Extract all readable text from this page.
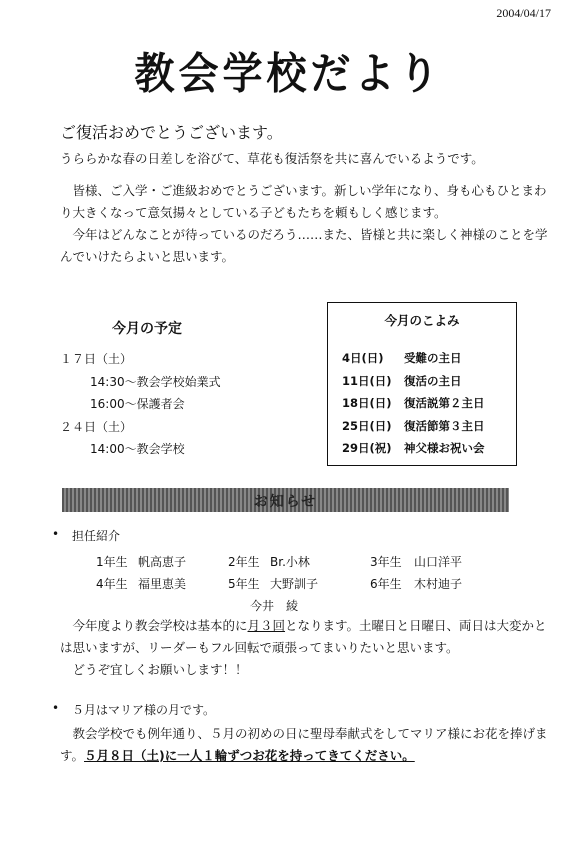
2004/04/17
教会学校だより
ご復活おめでとうございます。
うららかな春の日差しを浴びて、草花も復活祭を共に喜んでいるようです。
皆様、ご入学・ご進級おめでとうございます。新しい学年になり、身も心もひとまわり大きくなって意気揚々としている子どもたちを頼もしく感じます。
今年はどんなことが待っているのだろう……また、皆様と共に楽しく神様のことを学んでいけたらよいと思います。
今月の予定
１７日（土）
14:30～教会学校始業式
16:00～保護者会
２４日（土）
14:00～教会学校
今月のこよみ
4日(日) 受難の主日
11日(日) 復活の主日
18日(日) 復活説第２主日
25日(日) 復活節第３主日
29日(祝) 神父様お祝い会
お知らせ
• 担任紹介
1年生 帆高恵子	2年生 Br.小林	3年生 山口洋平
4年生 福里恵美	5年生 大野訓子	6年生 木村迪子
今井　綾
今年度より教会学校は基本的に月３回となります。土曜日と日曜日、両日は大変かとは思いますが、リーダーもフル回転で頑張ってまいりたいと思います。
どうぞ宜しくお願いします！！
• ５月はマリア様の月です。
教会学校でも例年通り、５月の初めの日に聖母奉献式をしてマリア様にお花を捧げます。５月８日（土)に一人１輪ずつお花を持ってきてください。
